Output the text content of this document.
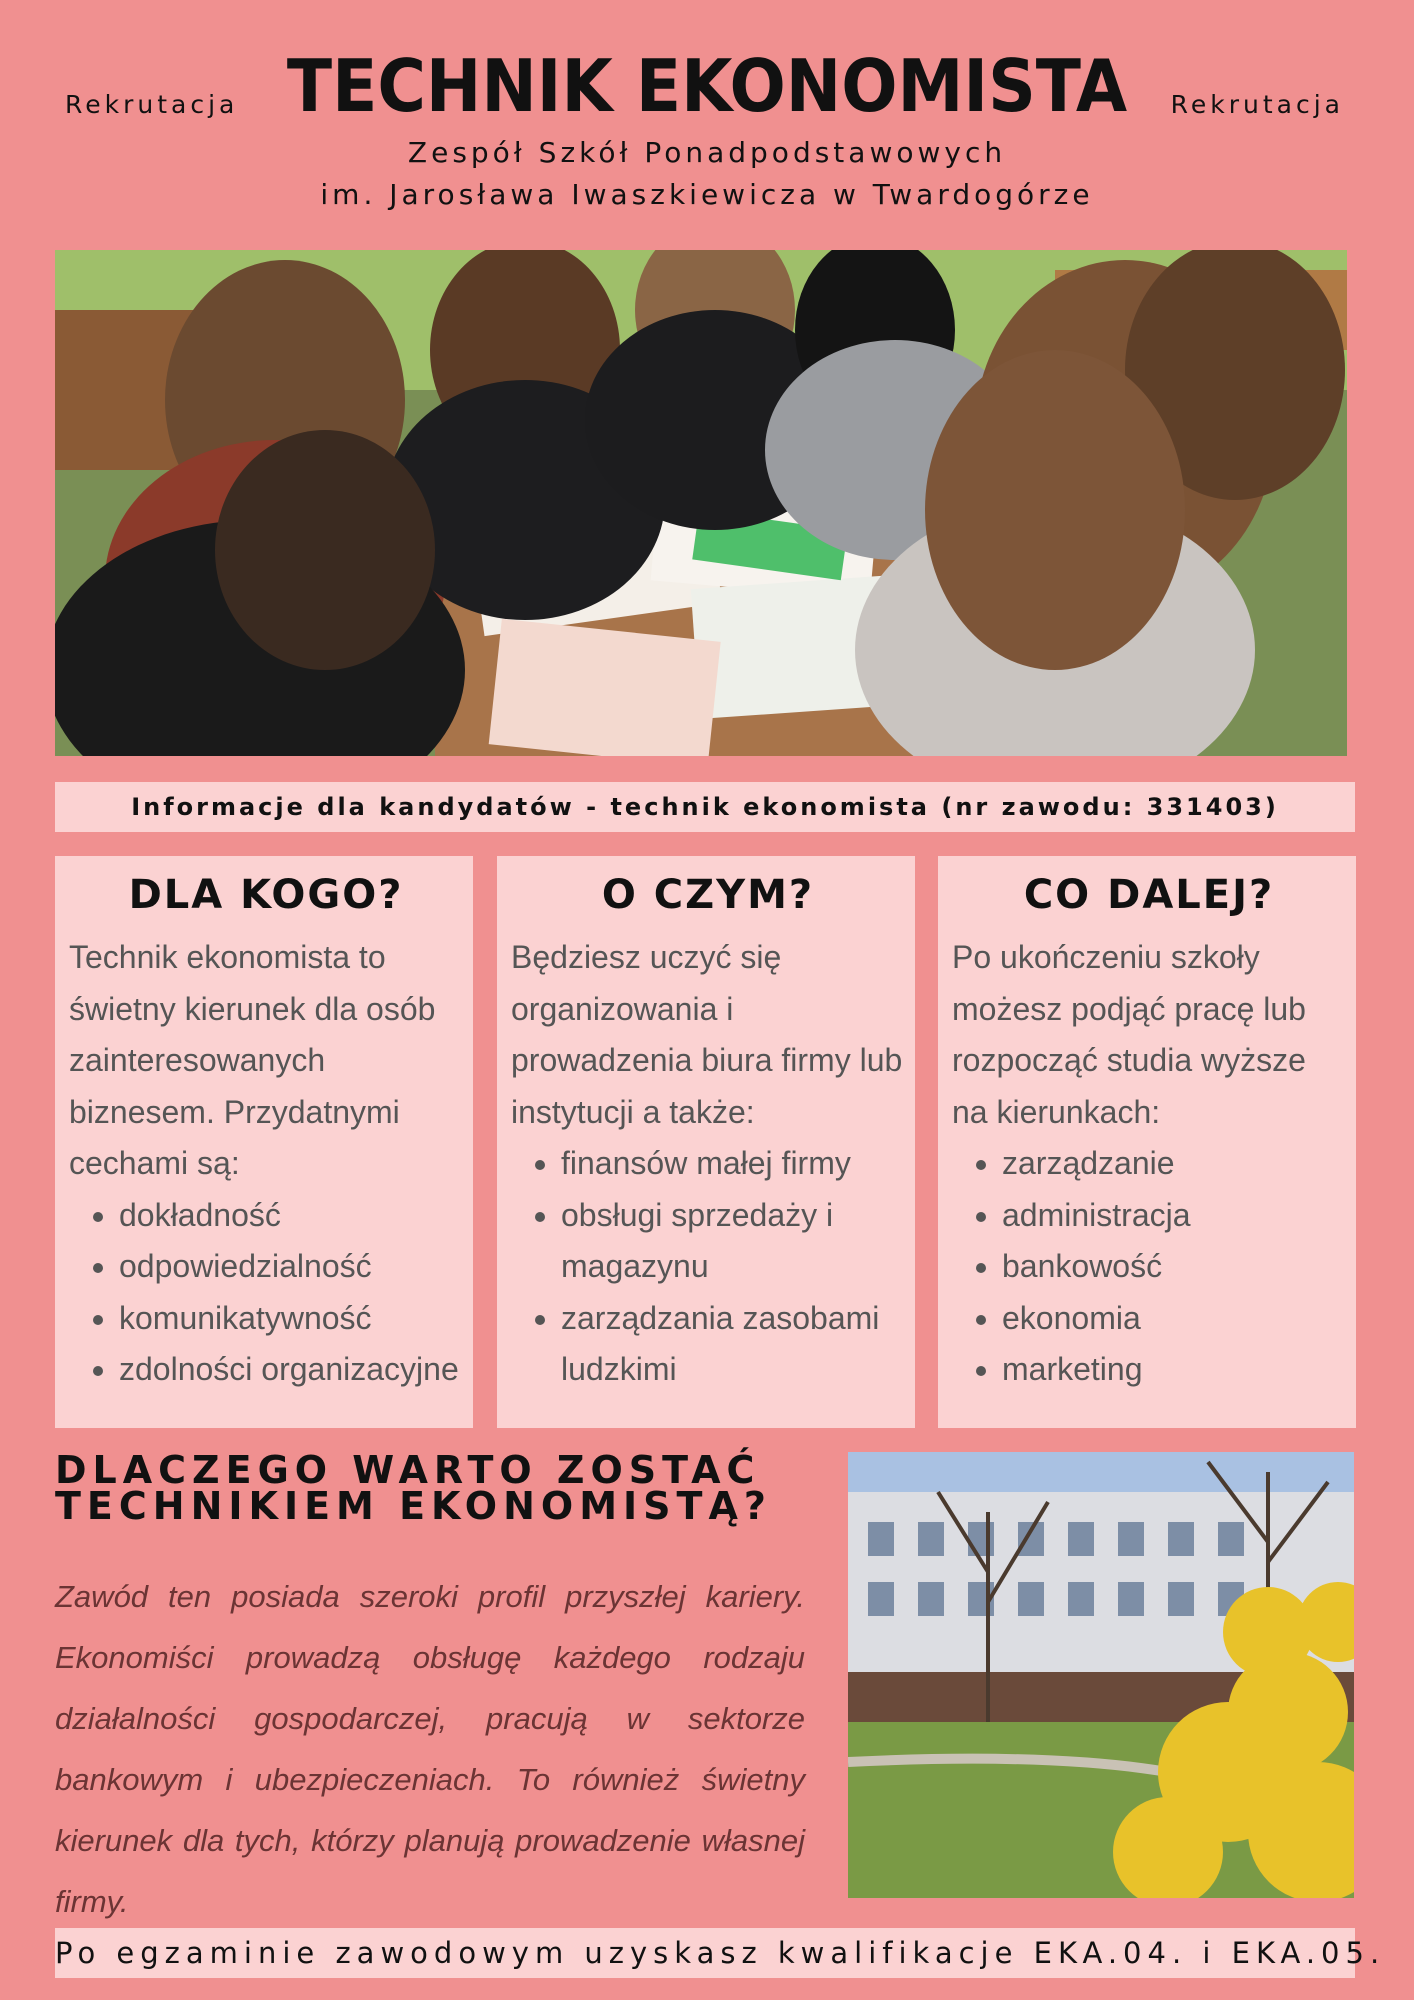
Rekrutacja	Rekrutacja
TECHNIK EKONOMISTA
Zespół Szkół Ponadpodstawowych
im. Jarosława Iwaszkiewicza w Twardogórze
Informacje dla kandydatów - technik ekonomista (nr zawodu: 331403)
DLA KOGO?

Technik ekonomista to świetny kierunek dla osób zainteresowanych biznesem. Przydatnymi cechami są:

• dokładność
• odpowiedzialność
• komunikatywność
• zdolności organizacyjne
O CZYM?

Będziesz uczyć się organizowania i prowadzenia biura firmy lub instytucji a także:

• finansów małej firmy
• obsługi sprzedaży i magazynu
• zarządzania zasobami ludzkimi
CO DALEJ?

Po ukończeniu szkoły możesz podjąć pracę lub rozpocząć studia wyższe na kierunkach:

• zarządzanie
• administracja
• bankowość
• ekonomia
• marketing
DLACZEGO WARTO ZOSTAĆ
TECHNIKIEM EKONOMISTĄ?
Zawód ten posiada szeroki profil przyszłej kariery. Ekonomiści prowadzą obsługę każdego rodzaju działalności gospodarczej, pracują w sektorze bankowym i ubezpieczeniach. To również świetny kierunek dla tych, którzy planują prowadzenie własnej firmy.
Po egzaminie zawodowym uzyskasz kwalifikacje EKA.04. i EKA.05.
